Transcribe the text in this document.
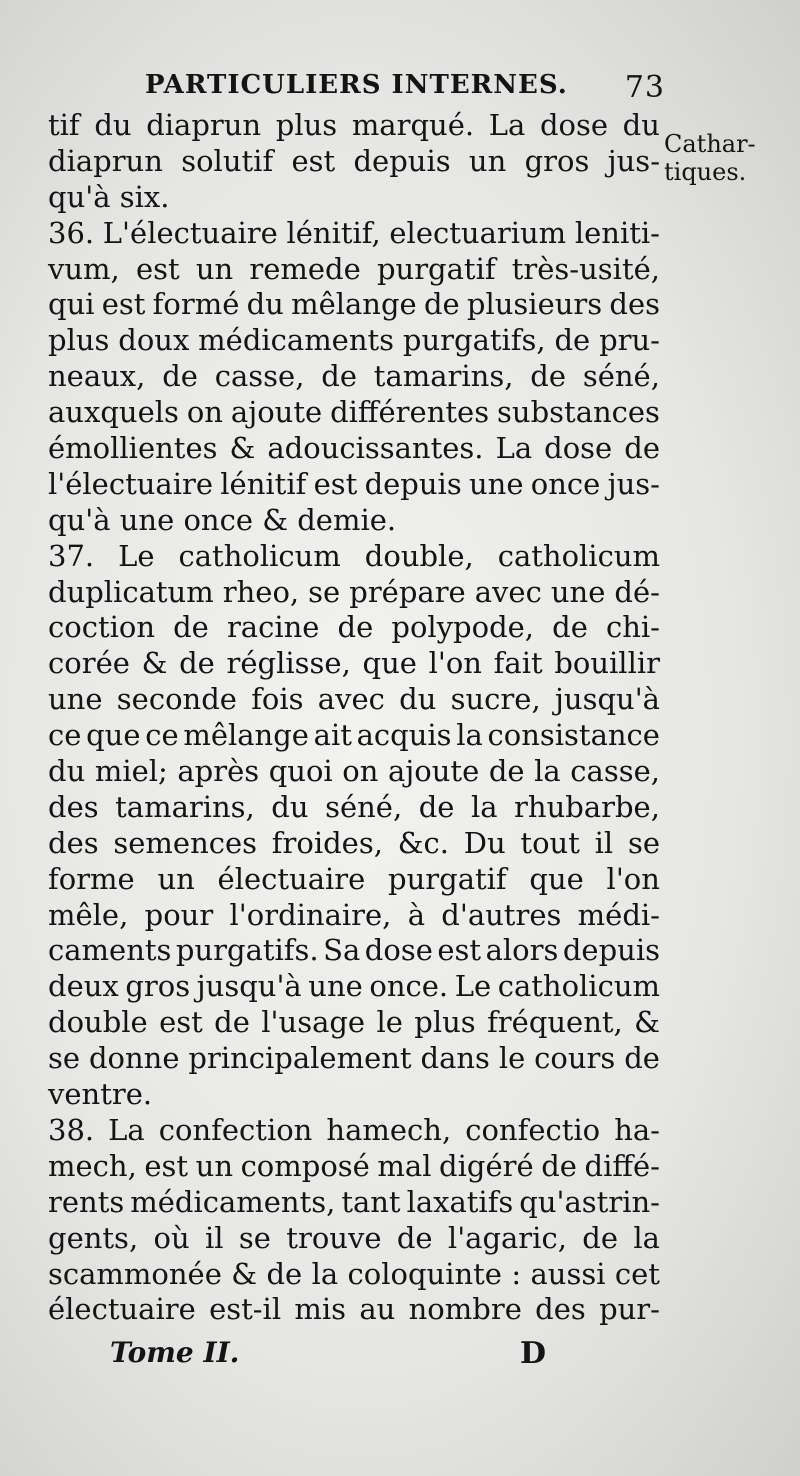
PARTICULIERS INTERNES. 73
Cathar-
tiques.
tif du diaprun plus marqué. La dose du
diaprun solutif est depuis un gros jus-
qu'à six.
36. L'électuaire lénitif, electuarium leniti-
vum, est un remede purgatif très-usité,
qui est formé du mêlange de plusieurs des
plus doux médicaments purgatifs, de pru-
neaux, de casse, de tamarins, de séné,
auxquels on ajoute différentes substances
émollientes & adoucissantes. La dose de
l'électuaire lénitif est depuis une once jus-
qu'à une once & demie.
37. Le catholicum double, catholicum
duplicatum rheo, se prépare avec une dé-
coction de racine de polypode, de chi-
corée & de réglisse, que l'on fait bouillir
une seconde fois avec du sucre, jusqu'à
ce que ce mêlange ait acquis la consistance
du miel; après quoi on ajoute de la casse,
des tamarins, du séné, de la rhubarbe,
des semences froides, &c. Du tout il se
forme un électuaire purgatif que l'on
mêle, pour l'ordinaire, à d'autres médi-
caments purgatifs. Sa dose est alors depuis
deux gros jusqu'à une once. Le catholicum
double est de l'usage le plus fréquent, &
se donne principalement dans le cours de
ventre.
38. La confection hamech, confectio ha-
mech, est un composé mal digéré de diffé-
rents médicaments, tant laxatifs qu'astrin-
gents, où il se trouve de l'agaric, de la
scammonée & de la coloquinte : aussi cet
électuaire est-il mis au nombre des pur-
Tome II.	D
